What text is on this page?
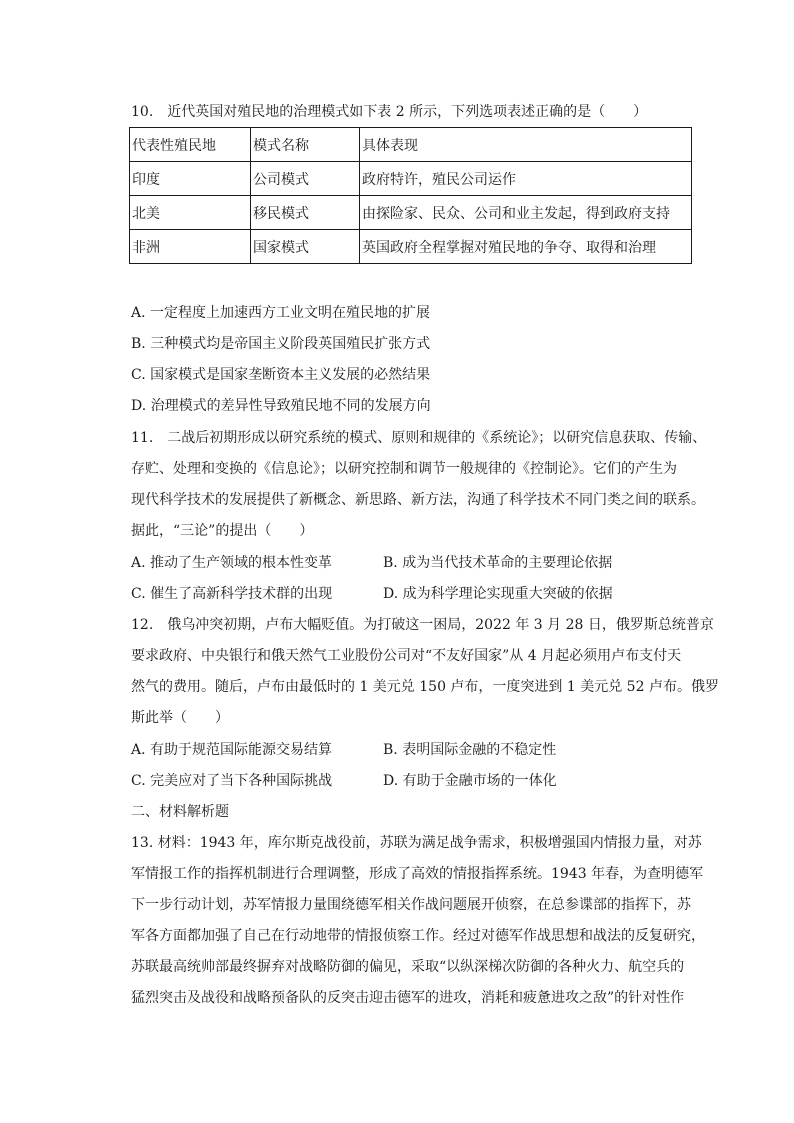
10.　近代英国对殖民地的治理模式如下表 2 所示，下列选项表述正确的是（　　）
代表性殖民地	模式名称	具体表现
印度	公司模式	政府特许，殖民公司运作
北美	移民模式	由探险家、民众、公司和业主发起，得到政府支持
非洲	国家模式	英国政府全程掌握对殖民地的争夺、取得和治理
A. 一定程度上加速西方工业文明在殖民地的扩展
B. 三种模式均是帝国主义阶段英国殖民扩张方式
C. 国家模式是国家垄断资本主义发展的必然结果
D. 治理模式的差异性导致殖民地不同的发展方向
11.　二战后初期形成以研究系统的模式、原则和规律的《系统论》；以研究信息获取、传输、
存贮、处理和变换的《信息论》；以研究控制和调节一般规律的《控制论》。它们的产生为
现代科学技术的发展提供了新概念、新思路、新方法，沟通了科学技术不同门类之间的联系。
据此，“三论”的提出（　　）
A. 推动了生产领域的根本性变革	B. 成为当代技术革命的主要理论依据
C. 催生了高新科学技术群的出现	D. 成为科学理论实现重大突破的依据
12.　俄乌冲突初期，卢布大幅贬值。为打破这一困局，2022 年 3 月 28 日，俄罗斯总统普京
要求政府、中央银行和俄天然气工业股份公司对“不友好国家”从 4 月起必须用卢布支付天
然气的费用。随后，卢布由最低时的 1 美元兑 150 卢布，一度突进到 1 美元兑 52 卢布。俄罗
斯此举（　　）
A. 有助于规范国际能源交易结算	B. 表明国际金融的不稳定性
C. 完美应对了当下各种国际挑战	D. 有助于金融市场的一体化
二、材料解析题
13. 材料：1943 年，库尔斯克战役前，苏联为满足战争需求，积极增强国内情报力量，对苏
军情报工作的指挥机制进行合理调整，形成了高效的情报指挥系统。1943 年春，为查明德军
下一步行动计划，苏军情报力量围绕德军相关作战问题展开侦察，在总参谍部的指挥下，苏
军各方面都加强了自己在行动地带的情报侦察工作。经过对德军作战思想和战法的反复研究，
苏联最高统帅部最终摒弃对战略防御的偏见，采取“以纵深梯次防御的各种火力、航空兵的
猛烈突击及战役和战略预备队的反突击迎击德军的进攻，消耗和疲惫进攻之敌”的针对性作
